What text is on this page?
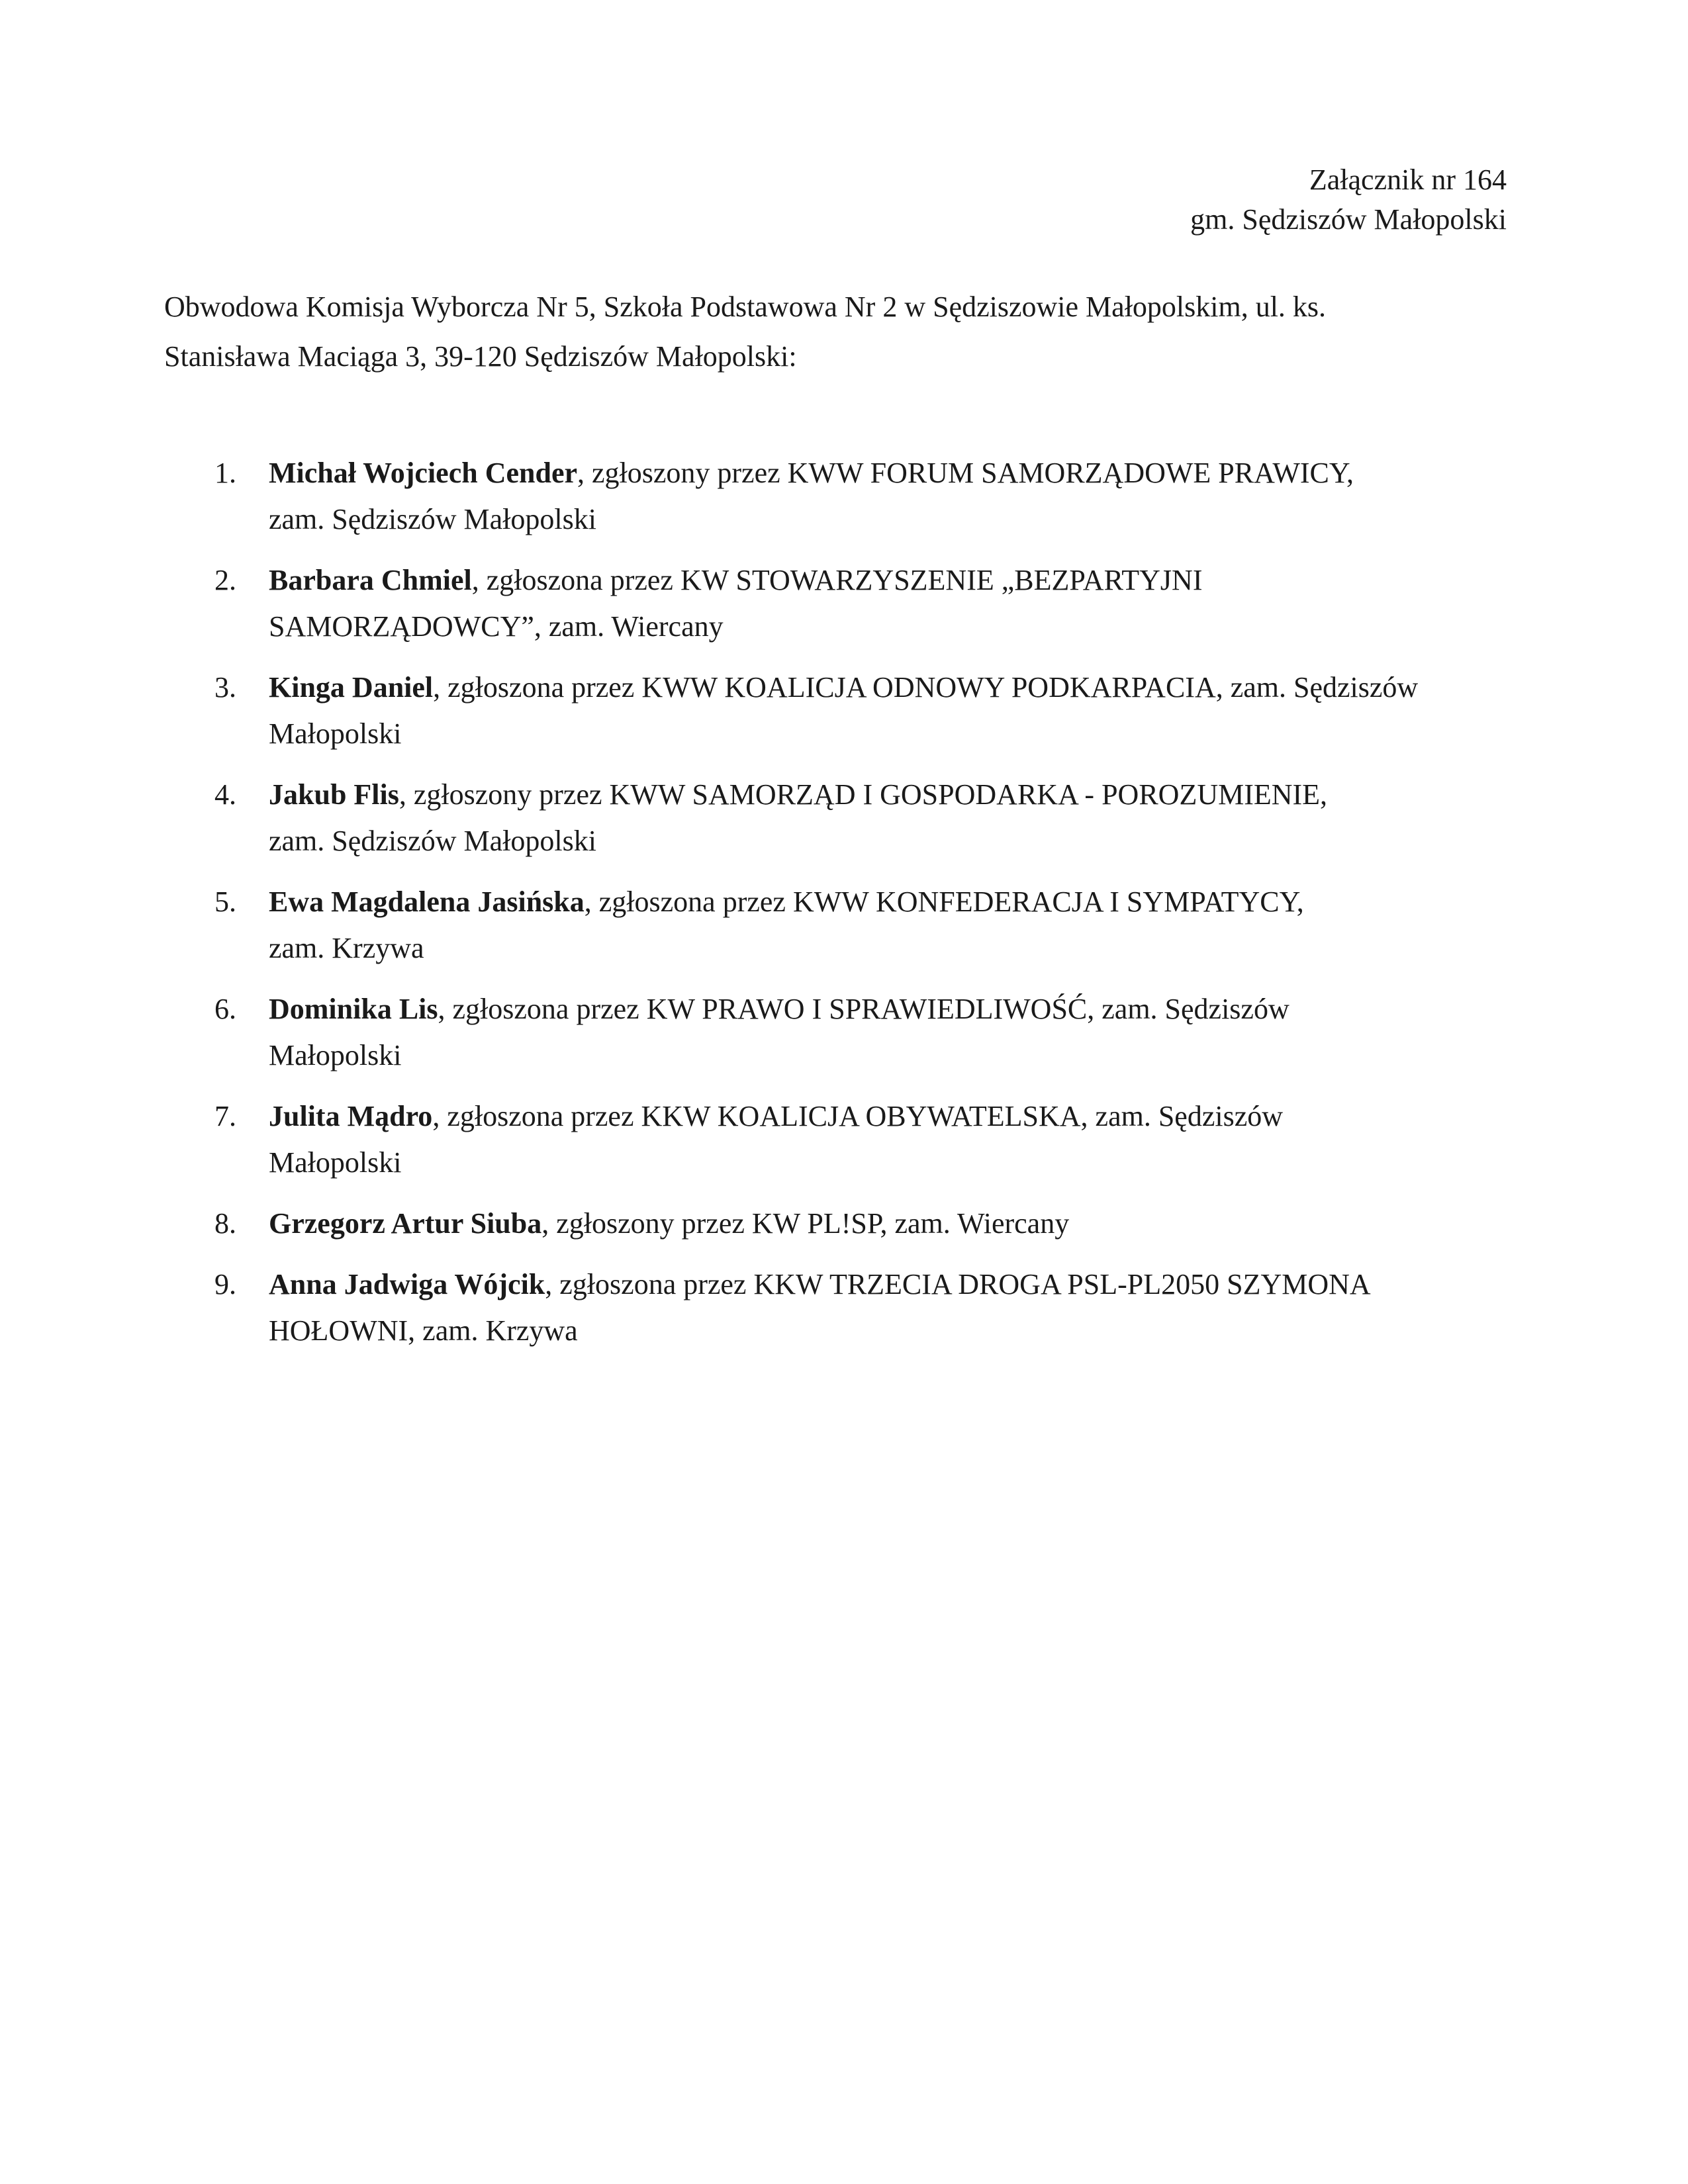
Załącznik nr 164
gm. Sędziszów Małopolski
Obwodowa Komisja Wyborcza Nr 5, Szkoła Podstawowa Nr 2 w Sędziszowie Małopolskim, ul. ks.
Stanisława Maciąga 3, 39-120 Sędziszów Małopolski:
1. Michał Wojciech Cender, zgłoszony przez KWW FORUM SAMORZĄDOWE PRAWICY,
zam. Sędziszów Małopolski
2. Barbara Chmiel, zgłoszona przez KW STOWARZYSZENIE „BEZPARTYJNI
SAMORZĄDOWCY”, zam. Wiercany
3. Kinga Daniel, zgłoszona przez KWW KOALICJA ODNOWY PODKARPACIA, zam. Sędziszów
Małopolski
4. Jakub Flis, zgłoszony przez KWW SAMORZĄD I GOSPODARKA - POROZUMIENIE,
zam. Sędziszów Małopolski
5. Ewa Magdalena Jasińska, zgłoszona przez KWW KONFEDERACJA I SYMPATYCY,
zam. Krzywa
6. Dominika Lis, zgłoszona przez KW PRAWO I SPRAWIEDLIWOŚĆ, zam. Sędziszów
Małopolski
7. Julita Mądro, zgłoszona przez KKW KOALICJA OBYWATELSKA, zam. Sędziszów
Małopolski
8. Grzegorz Artur Siuba, zgłoszony przez KW PL!SP, zam. Wiercany
9. Anna Jadwiga Wójcik, zgłoszona przez KKW TRZECIA DROGA PSL-PL2050 SZYMONA
HOŁOWNI, zam. Krzywa
